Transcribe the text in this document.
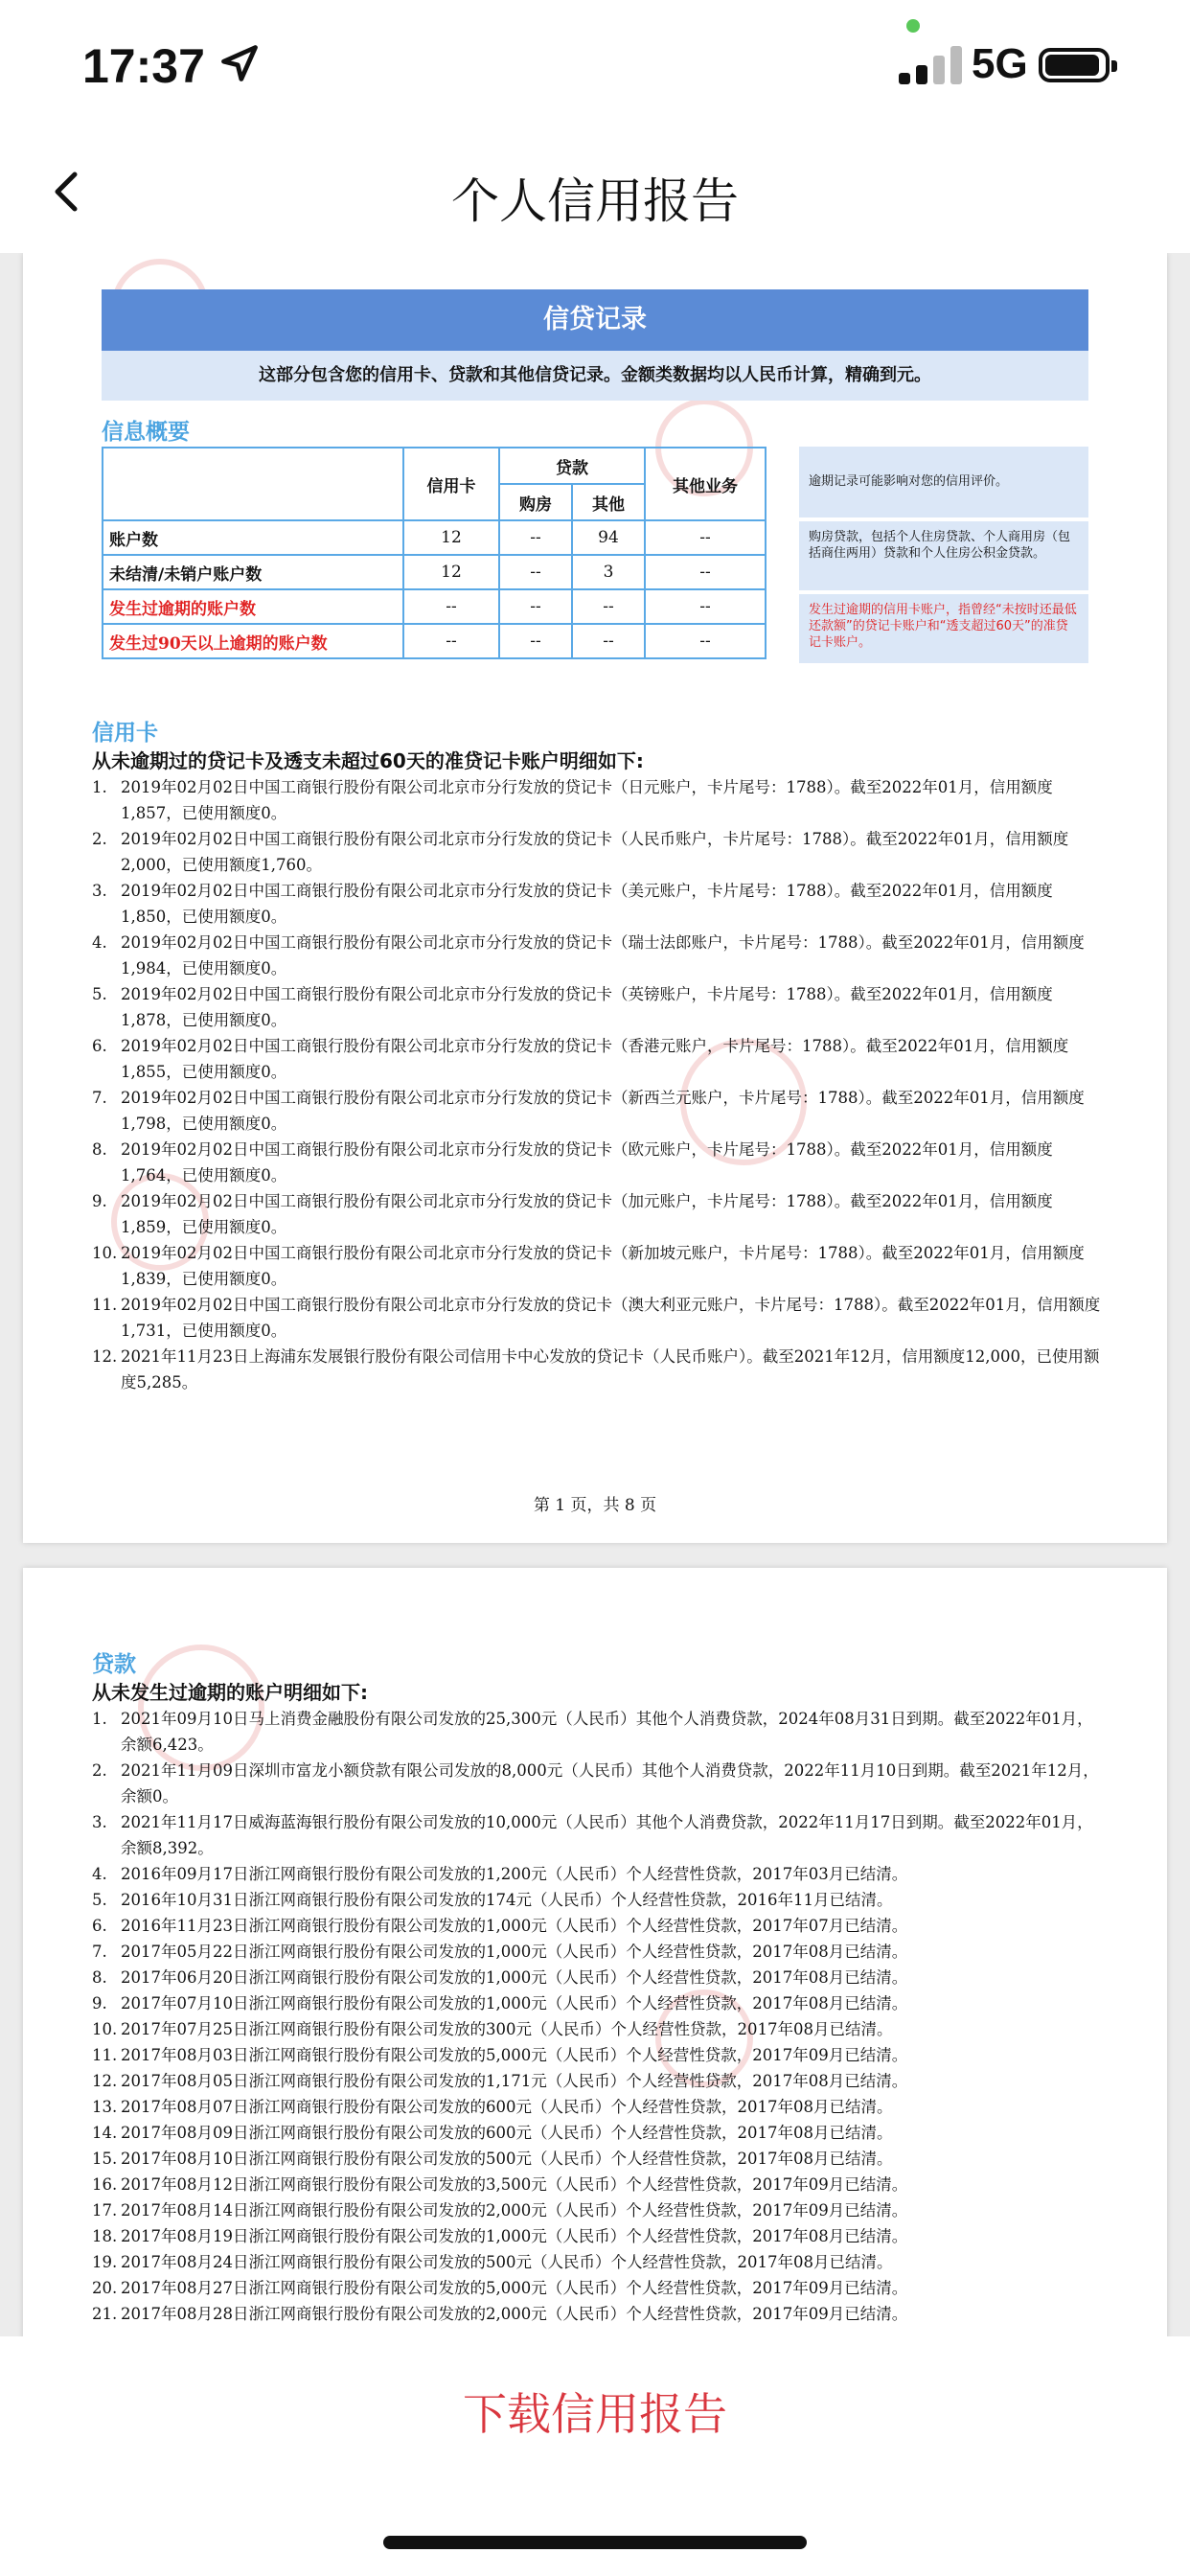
17:37	5G
个人信用报告
信贷记录
这部分包含您的信用卡、贷款和其他信贷记录。金额类数据均以人民币计算，精确到元。
信息概要
	信用卡	贷款		其他业务
		购房	其他	
账户数	12	--	94	--
未结清/未销户账户数	12	--	3	--
发生过逾期的账户数	--	--	--	--
发生过90天以上逾期的账户数	--	--	--	--
逾期记录可能影响对您的信用评价。
购房贷款，包括个人住房贷款、个人商用房（包括商住两用）贷款和个人住房公积金贷款。
发生过逾期的信用卡账户，指曾经“未按时还最低还款额”的贷记卡账户和“透支超过60天”的准贷记卡账户。
信用卡
从未逾期过的贷记卡及透支未超过60天的准贷记卡账户明细如下:
1. 2019年02月02日中国工商银行股份有限公司北京市分行发放的贷记卡（日元账户，卡片尾号：1788）。截至2022年01月，信用额度1,857，已使用额度0。
2. 2019年02月02日中国工商银行股份有限公司北京市分行发放的贷记卡（人民币账户，卡片尾号：1788）。截至2022年01月，信用额度2,000，已使用额度1,760。
3. 2019年02月02日中国工商银行股份有限公司北京市分行发放的贷记卡（美元账户，卡片尾号：1788）。截至2022年01月，信用额度1,850，已使用额度0。
4. 2019年02月02日中国工商银行股份有限公司北京市分行发放的贷记卡（瑞士法郎账户，卡片尾号：1788）。截至2022年01月，信用额度1,984，已使用额度0。
5. 2019年02月02日中国工商银行股份有限公司北京市分行发放的贷记卡（英镑账户，卡片尾号：1788）。截至2022年01月，信用额度1,878，已使用额度0。
6. 2019年02月02日中国工商银行股份有限公司北京市分行发放的贷记卡（香港元账户，卡片尾号：1788）。截至2022年01月，信用额度1,855，已使用额度0。
7. 2019年02月02日中国工商银行股份有限公司北京市分行发放的贷记卡（新西兰元账户，卡片尾号：1788）。截至2022年01月，信用额度1,798，已使用额度0。
8. 2019年02月02日中国工商银行股份有限公司北京市分行发放的贷记卡（欧元账户，卡片尾号：1788）。截至2022年01月，信用额度1,764，已使用额度0。
9. 2019年02月02日中国工商银行股份有限公司北京市分行发放的贷记卡（加元账户，卡片尾号：1788）。截至2022年01月，信用额度1,859，已使用额度0。
10. 2019年02月02日中国工商银行股份有限公司北京市分行发放的贷记卡（新加坡元账户，卡片尾号：1788）。截至2022年01月，信用额度1,839，已使用额度0。
11. 2019年02月02日中国工商银行股份有限公司北京市分行发放的贷记卡（澳大利亚元账户，卡片尾号：1788）。截至2022年01月，信用额度1,731，已使用额度0。
12. 2021年11月23日上海浦东发展银行股份有限公司信用卡中心发放的贷记卡（人民币账户）。截至2021年12月，信用额度12,000，已使用额度5,285。
第 1 页，共 8 页
贷款
从未发生过逾期的账户明细如下:
1. 2021年09月10日马上消费金融股份有限公司发放的25,300元（人民币）其他个人消费贷款，2024年08月31日到期。截至2022年01月，余额6,423。
2. 2021年11月09日深圳市富龙小额贷款有限公司发放的8,000元（人民币）其他个人消费贷款，2022年11月10日到期。截至2021年12月，余额0。
3. 2021年11月17日威海蓝海银行股份有限公司发放的10,000元（人民币）其他个人消费贷款，2022年11月17日到期。截至2022年01月，余额8,392。
4. 2016年09月17日浙江网商银行股份有限公司发放的1,200元（人民币）个人经营性贷款，2017年03月已结清。
5. 2016年10月31日浙江网商银行股份有限公司发放的174元（人民币）个人经营性贷款，2016年11月已结清。
6. 2016年11月23日浙江网商银行股份有限公司发放的1,000元（人民币）个人经营性贷款，2017年07月已结清。
7. 2017年05月22日浙江网商银行股份有限公司发放的1,000元（人民币）个人经营性贷款，2017年08月已结清。
8. 2017年06月20日浙江网商银行股份有限公司发放的1,000元（人民币）个人经营性贷款，2017年08月已结清。
9. 2017年07月10日浙江网商银行股份有限公司发放的1,000元（人民币）个人经营性贷款，2017年08月已结清。
10. 2017年07月25日浙江网商银行股份有限公司发放的300元（人民币）个人经营性贷款，2017年08月已结清。
11. 2017年08月03日浙江网商银行股份有限公司发放的5,000元（人民币）个人经营性贷款，2017年09月已结清。
12. 2017年08月05日浙江网商银行股份有限公司发放的1,171元（人民币）个人经营性贷款，2017年08月已结清。
13. 2017年08月07日浙江网商银行股份有限公司发放的600元（人民币）个人经营性贷款，2017年08月已结清。
14. 2017年08月09日浙江网商银行股份有限公司发放的600元（人民币）个人经营性贷款，2017年08月已结清。
15. 2017年08月10日浙江网商银行股份有限公司发放的500元（人民币）个人经营性贷款，2017年08月已结清。
16. 2017年08月12日浙江网商银行股份有限公司发放的3,500元（人民币）个人经营性贷款，2017年09月已结清。
17. 2017年08月14日浙江网商银行股份有限公司发放的2,000元（人民币）个人经营性贷款，2017年09月已结清。
18. 2017年08月19日浙江网商银行股份有限公司发放的1,000元（人民币）个人经营性贷款，2017年08月已结清。
19. 2017年08月24日浙江网商银行股份有限公司发放的500元（人民币）个人经营性贷款，2017年08月已结清。
20. 2017年08月27日浙江网商银行股份有限公司发放的5,000元（人民币）个人经营性贷款，2017年09月已结清。
21. 2017年08月28日浙江网商银行股份有限公司发放的2,000元（人民币）个人经营性贷款，2017年09月已结清。
下载信用报告
